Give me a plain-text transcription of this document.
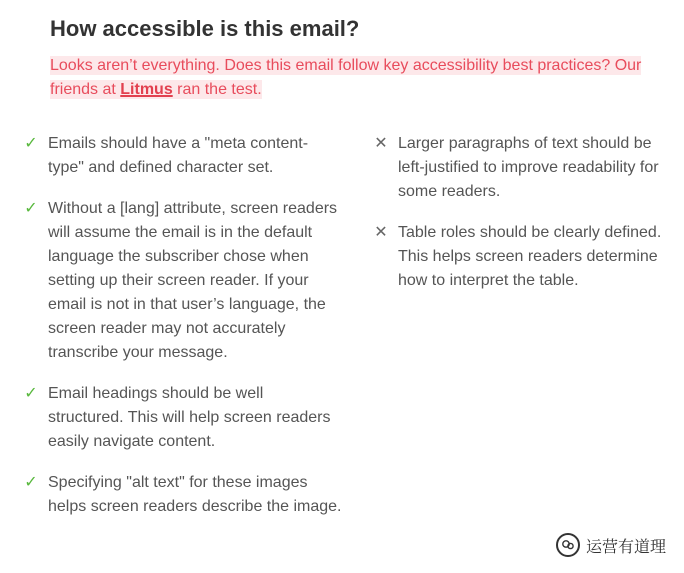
How accessible is this email?
Looks aren’t everything. Does this email follow key accessibility best practices? Our friends at Litmus ran the test.
✓ Emails should have a "meta content-type" and defined character set.
✓ Without a [lang] attribute, screen readers will assume the email is in the default language the subscriber chose when setting up their screen reader. If your email is not in that user’s language, the screen reader may not accurately transcribe your message.
✓ Email headings should be well structured. This will help screen readers easily navigate content.
✓ Specifying "alt text" for these images helps screen readers describe the image.
✕ Larger paragraphs of text should be left-justified to improve readability for some readers.
✕ Table roles should be clearly defined. This helps screen readers determine how to interpret the table.
运营有道理
